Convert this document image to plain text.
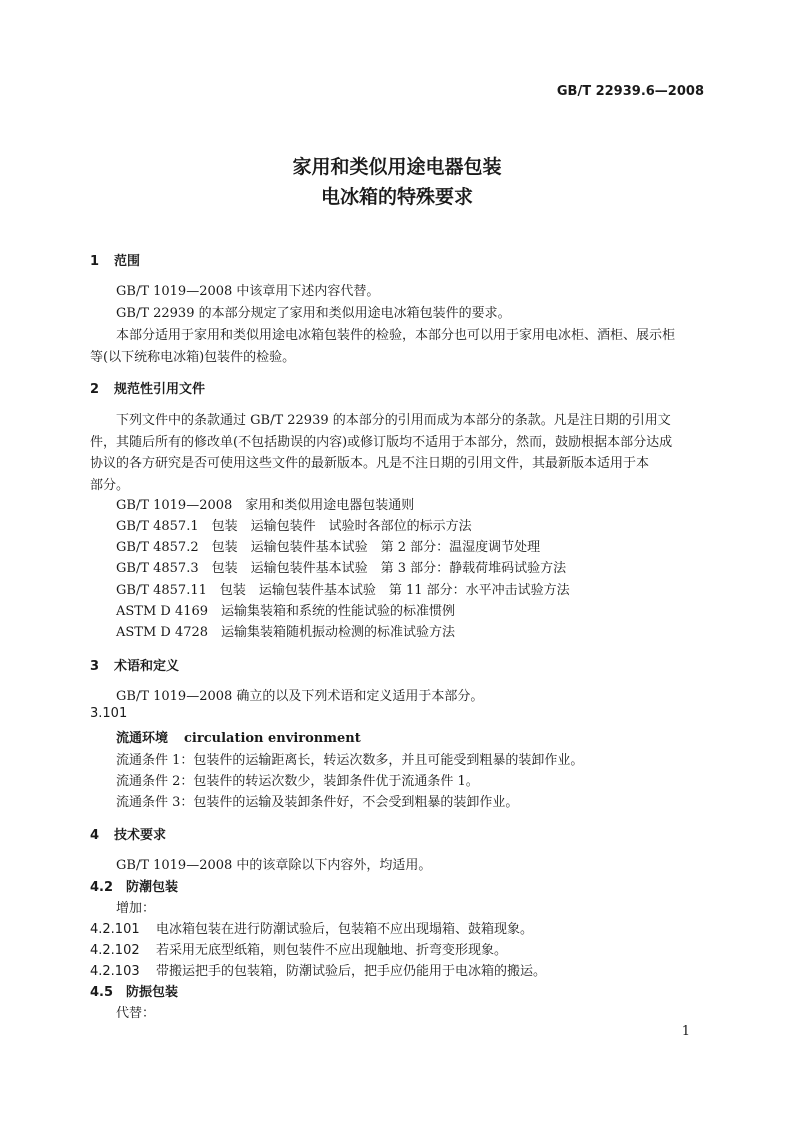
GB/T 22939.6—2008
家用和类似用途电器包装
电冰箱的特殊要求
1 范围
GB/T 1019—2008 中该章用下述内容代替。
GB/T 22939 的本部分规定了家用和类似用途电冰箱包装件的要求。
本部分适用于家用和类似用途电冰箱包装件的检验，本部分也可以用于家用电冰柜、酒柜、展示柜
等(以下统称电冰箱)包装件的检验。
2 规范性引用文件
下列文件中的条款通过 GB/T 22939 的本部分的引用而成为本部分的条款。凡是注日期的引用文
件，其随后所有的修改单(不包括勘误的内容)或修订版均不适用于本部分，然而，鼓励根据本部分达成
协议的各方研究是否可使用这些文件的最新版本。凡是不注日期的引用文件，其最新版本适用于本
部分。
GB/T 1019—2008　家用和类似用途电器包装通则
GB/T 4857.1　包装　运输包装件　试验时各部位的标示方法
GB/T 4857.2　包装　运输包装件基本试验　第 2 部分：温湿度调节处理
GB/T 4857.3　包装　运输包装件基本试验　第 3 部分：静载荷堆码试验方法
GB/T 4857.11　包装　运输包装件基本试验　第 11 部分：水平冲击试验方法
ASTM D 4169　运输集装箱和系统的性能试验的标准惯例
ASTM D 4728　运输集装箱随机振动检测的标准试验方法
3 术语和定义
GB/T 1019—2008 确立的以及下列术语和定义适用于本部分。
3.101
流通环境 circulation environment
流通条件 1：包装件的运输距离长，转运次数多，并且可能受到粗暴的装卸作业。
流通条件 2：包装件的转运次数少，装卸条件优于流通条件 1。
流通条件 3：包装件的运输及装卸条件好，不会受到粗暴的装卸作业。
4 技术要求
GB/T 1019—2008 中的该章除以下内容外，均适用。
4.2 防潮包装
增加：
4.2.101 电冰箱包装在进行防潮试验后，包装箱不应出现塌箱、鼓箱现象。
4.2.102 若采用无底型纸箱，则包装件不应出现触地、折弯变形现象。
4.2.103 带搬运把手的包装箱，防潮试验后，把手应仍能用于电冰箱的搬运。
4.5 防振包装
代替：
1
